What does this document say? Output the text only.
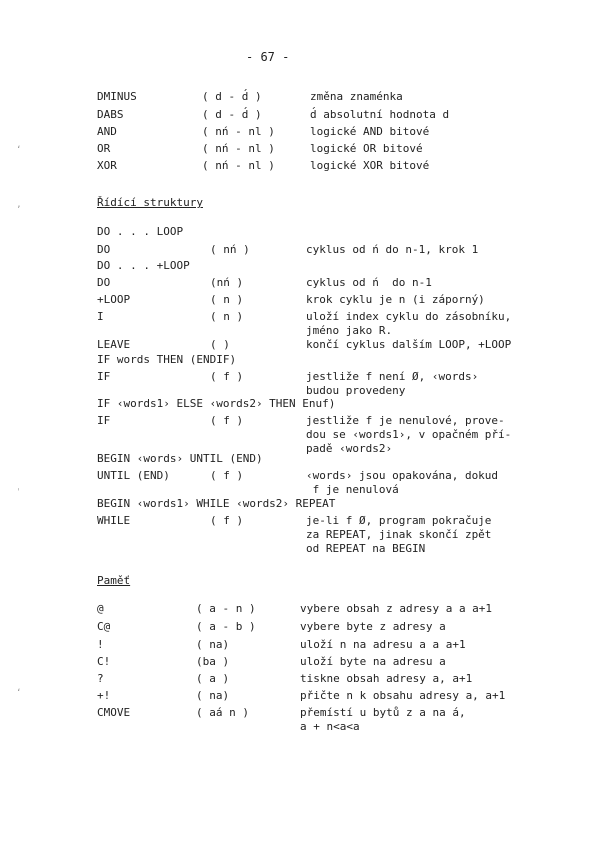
- 67 -
DMINUS	( d - d́ )	změna znaménka
DABS	( d - d́ )	d́ absolutní hodnota d
AND	( nń - nl )	logické AND bitové
OR	( nń - nl )	logické OR bitové
XOR	( nń - nl )	logické XOR bitové
Řídící struktury
DO . . . LOOP
DO	( nń )	cyklus od ń do n-1, krok 1
DO . . . +LOOP
DO	(nń )	cyklus od ń  do n-1
+LOOP	( n )	krok cyklu je n (i záporný)
I	( n )	uloží index cyklu do zásobníku,
jméno jako R.
LEAVE	( )	končí cyklus dalším LOOP, +LOOP
IF words THEN (ENDIF)
IF	( f )	jestliže f není Ø, ‹words›
budou provedeny
IF ‹words1› ELSE ‹words2› THEN Enuf)
IF	( f )	jestliže f je nenulové, prove-
dou se ‹words1›, v opačném pří-
padě ‹words2›
BEGIN ‹words› UNTIL (END)
UNTIL (END)	( f )	‹words› jsou opakována, dokud
f je nenulová
BEGIN ‹words1› WHILE ‹words2› REPEAT
WHILE	( f )	je-li f Ø, program pokračuje
za REPEAT, jinak skončí zpět
od REPEAT na BEGIN
Paměť
@	( a - n )	vybere obsah z adresy a a a+1
C@	( a - b )	vybere byte z adresy a
!	( na)	uloží n na adresu a a a+1
C!	(ba )	uloží byte na adresu a
?	( a )	tiskne obsah adresy a, a+1
+!	( na)	přičte n k obsahu adresy a, a+1
CMOVE	( aá n )	přemístí u bytů z a na á,
a + n<a<a
ʻ
ʼ
ˈ
ʻ
